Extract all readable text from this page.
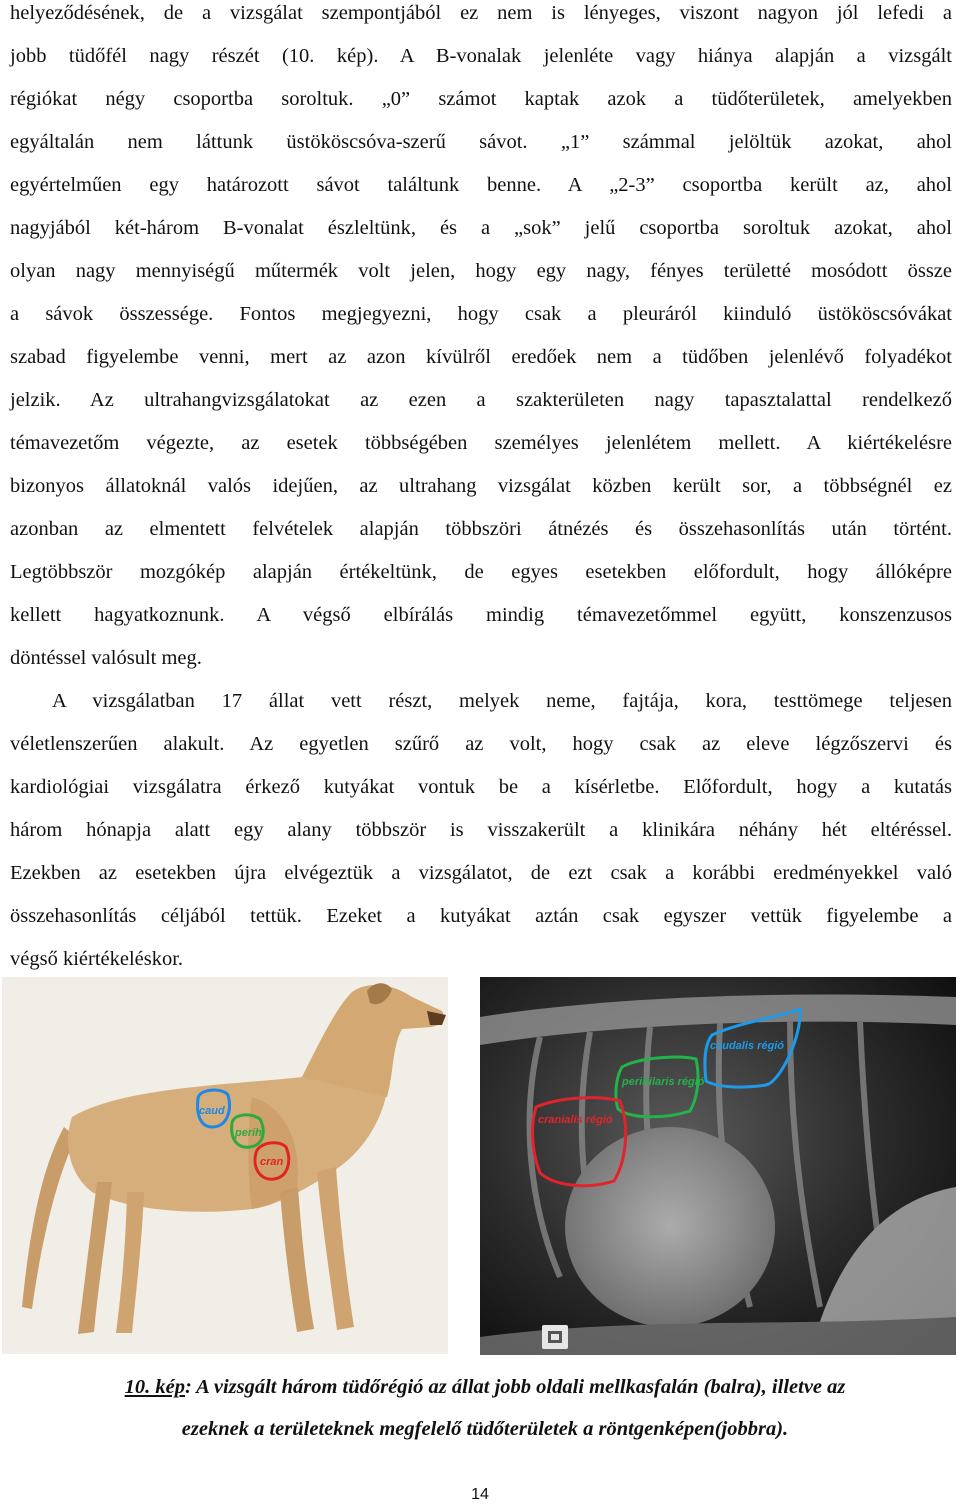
helyeződésének, de a vizsgálat szempontjából ez nem is lényeges, viszont nagyon jól lefedi a
jobb tüdőfél nagy részét (10. kép). A B-vonalak jelenléte vagy hiánya alapján a vizsgált
régiókat négy csoportba soroltuk. „0” számot kaptak azok a tüdőterületek, amelyekben
egyáltalán nem láttunk üstököscsóva-szerű sávot. „1” számmal jelöltük azokat, ahol
egyértelműen egy határozott sávot találtunk benne. A „2-3” csoportba került az, ahol
nagyjából két-három B-vonalat észleltünk, és a „sok” jelű csoportba soroltuk azokat, ahol
olyan nagy mennyiségű műtermék volt jelen, hogy egy nagy, fényes területté mosódott össze
a sávok összessége. Fontos megjegyezni, hogy csak a pleuráról kiinduló üstököscsóvákat
szabad figyelembe venni, mert az azon kívülről eredőek nem a tüdőben jelenlévő folyadékot
jelzik. Az ultrahangvizsgálatokat az ezen a szakterületen nagy tapasztalattal rendelkező
témavezetőm végezte, az esetek többségében személyes jelenlétem mellett. A kiértékelésre
bizonyos állatoknál valós idejűen, az ultrahang vizsgálat közben került sor, a többségnél ez
azonban az elmentett felvételek alapján többszöri átnézés és összehasonlítás után történt.
Legtöbbször mozgókép alapján értékeltünk, de egyes esetekben előfordult, hogy állóképre
kellett hagyatkoznunk. A végső elbírálás mindig témavezetőmmel együtt, konszenzusos
döntéssel valósult meg.
A vizsgálatban 17 állat vett részt, melyek neme, fajtája, kora, testtömege teljesen
véletlenszerűen alakult. Az egyetlen szűrő az volt, hogy csak az eleve légzőszervi és
kardiológiai vizsgálatra érkező kutyákat vontuk be a kísérletbe. Előfordult, hogy a kutatás
három hónapja alatt egy alany többször is visszakerült a klinikára néhány hét eltéréssel.
Ezekben az esetekben újra elvégeztük a vizsgálatot, de ezt csak a korábbi eredményekkel való
összehasonlítás céljából tettük. Ezeket a kutyákat aztán csak egyszer vettük figyelembe a
végső kiértékeléskor.
caud
perih
cran
caudalis régió
perihilaris régió
cranialis régió
10. kép: A vizsgált három tüdőrégió az állat jobb oldali mellkasfalán (balra), illetve az
ezeknek a területeknek megfelelő tüdőterületek a röntgenképen(jobbra).
14
